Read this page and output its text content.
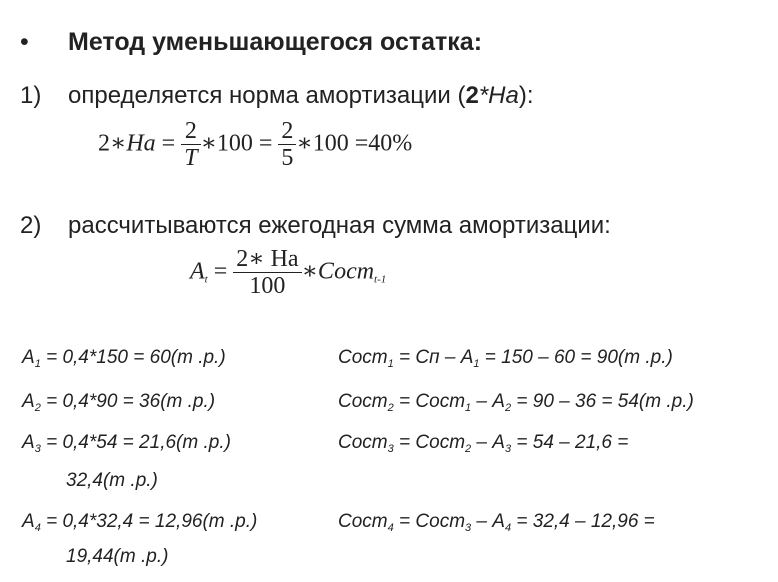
• Метод уменьшающегося остатка:
1) определяется норма амортизации (2*На):
2∗На = $\frac{2}{T}$ ∗100 = $\frac{2}{5}$ ∗100 =40%
2) рассчитываются ежегодная сумма амортизации:
$A_t = \frac{2∗ На}{100}$ ∗Сост$_{t-1}$
$A_1 = 0,4*150 = 60(т$ .р.)
$A_2 = 0,4*90 = 36(т$ .р.)
$A_3 = 0,4*54 = 21,6(т$ .р.)
32,4(т .р.)
$A_4 = 0,4*32,4 = 12,96(т$ .р.)
19,44(т .р.)
Сост$_1$ = Сп – $A_1 = 150 - 60 = 90(т$ .р.)
Сост$_2$ = Сост$_1$ – $A_2 = 90 - 36 = 54(т$ .р.)
Сост$_3$ = Сост$_2$ – $A_3 = 54 - 21,6$ =
Сост$_4$ = Сост$_3$ – $A_4 = 32,4 - 12,96$ =
